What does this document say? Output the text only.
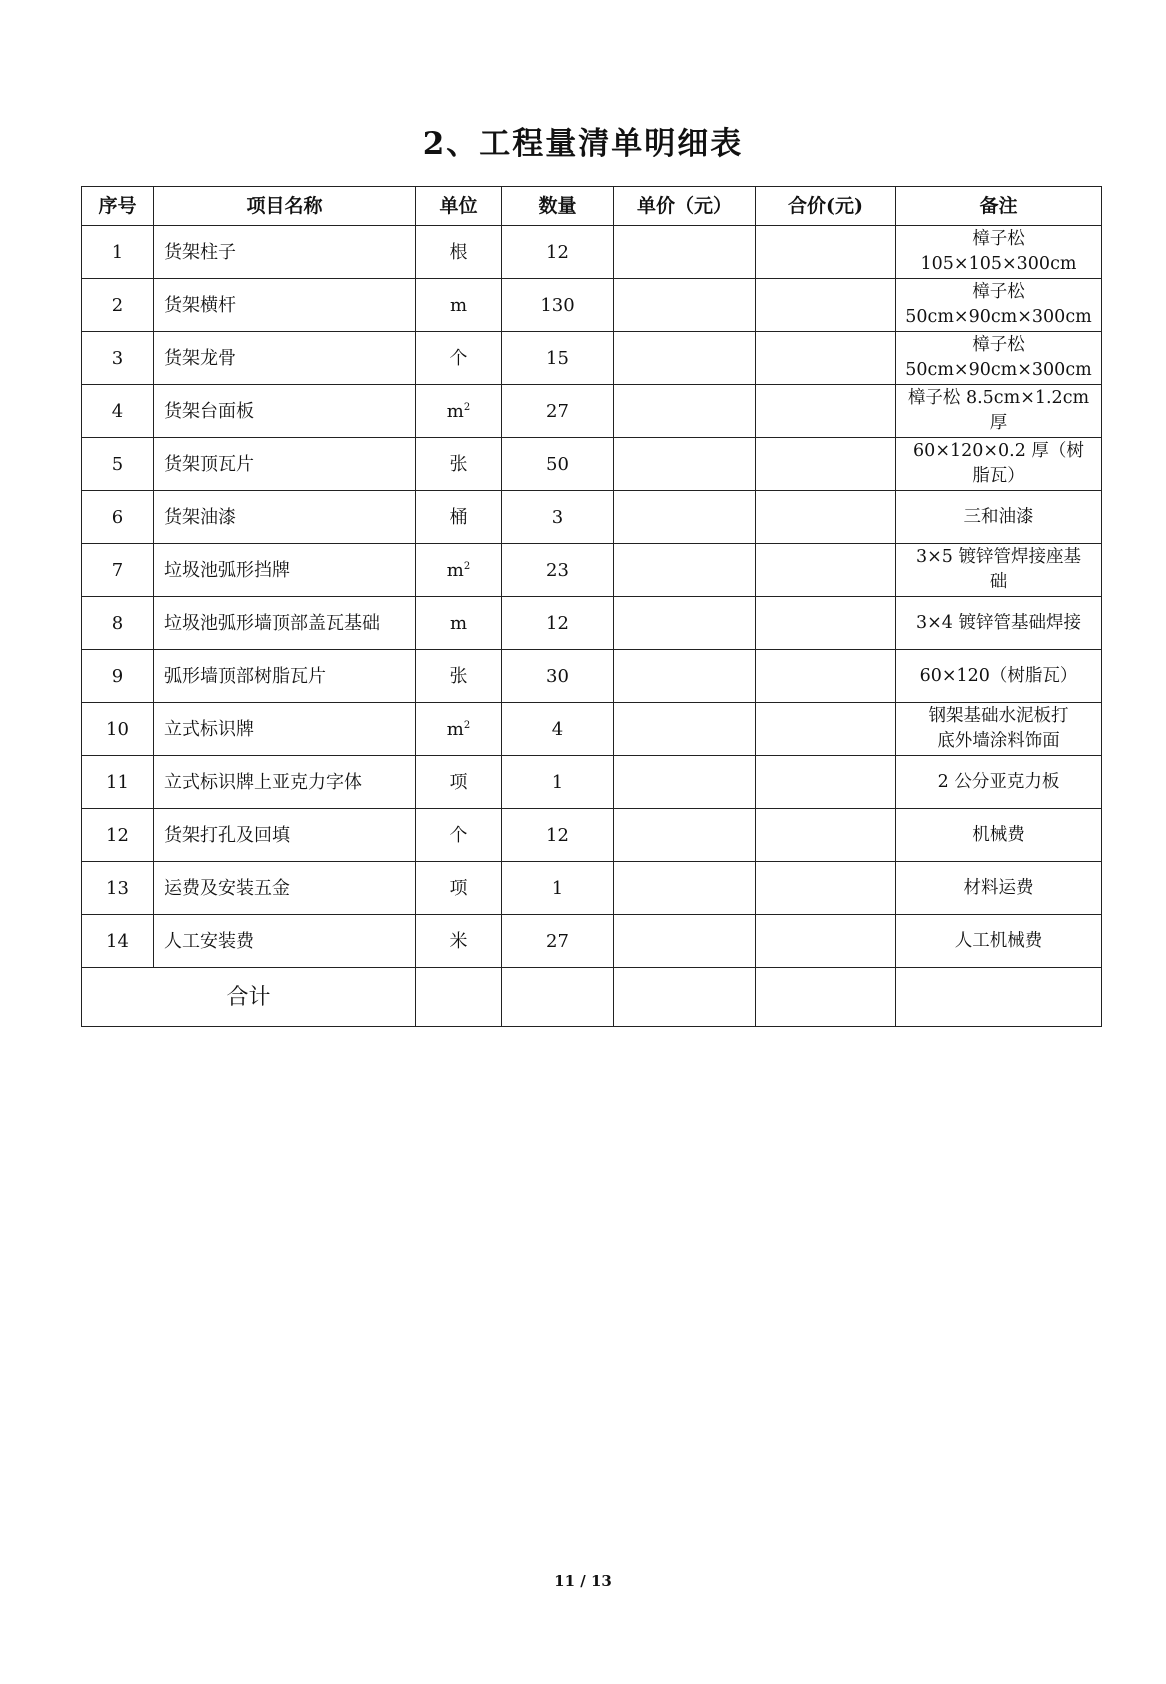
2、工程量清单明细表
序号	项目名称	单位	数量	单价（元）	合价(元)	备注
1	货架柱子	根	12			樟子松
105×105×300cm

2	货架横杆	m	130			樟子松
50cm×90cm×300cm

3	货架龙骨	个	15			樟子松
50cm×90cm×300cm

4	货架台面板	$m^2$	27			樟子松 8.5cm×1.2cm
厚

5	货架顶瓦片	张	50			60×120×0.2 厚（树
脂瓦）

6	货架油漆	桶	3			三和油漆

7	垃圾池弧形挡牌	$m^2$	23			3×5 镀锌管焊接座基
础

8	垃圾池弧形墙顶部盖瓦基础	m	12			3×4 镀锌管基础焊接

9	弧形墙顶部树脂瓦片	张	30			60×120（树脂瓦）

10	立式标识牌	$m^2$	4			钢架基础水泥板打
底外墙涂料饰面

11	立式标识牌上亚克力字体	项	1			2 公分亚克力板

12	货架打孔及回填	个	12			机械费

13	运费及安装五金	项	1			材料运费

14	人工安装费	米	27			人工机械费

合计						
11 / 13
